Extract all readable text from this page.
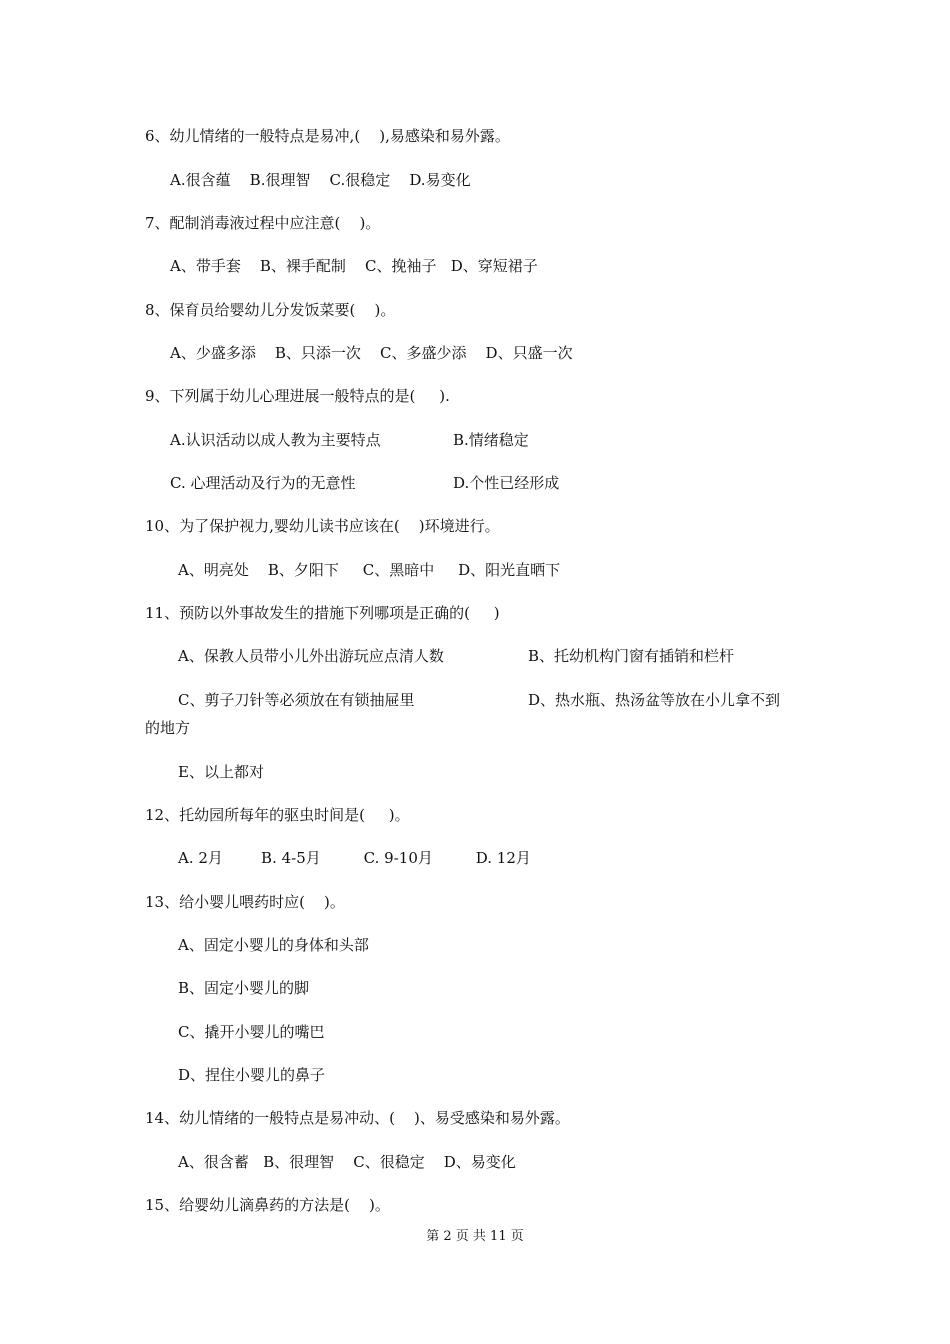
6、幼儿情绪的一般特点是易冲,(    ),易感染和易外露。
A.很含蕴    B.很理智    C.很稳定    D.易变化
7、配制消毒液过程中应注意(    )。
A、带手套    B、裸手配制    C、挽袖子   D、穿短裙子
8、保育员给婴幼儿分发饭菜要(    )。
A、少盛多添    B、只添一次    C、多盛少添    D、只盛一次
9、下列属于幼儿心理进展一般特点的是(     ).
A.认识活动以成人教为主要特点	B.情绪稳定
C. 心理活动及行为的无意性	D.个性已经形成
10、为了保护视力,婴幼儿读书应该在(    )环境进行。
A、明亮处    B、夕阳下     C、黑暗中     D、阳光直晒下
11、预防以外事故发生的措施下列哪项是正确的(     )
A、保教人员带小儿外出游玩应点清人数	B、托幼机构门窗有插销和栏杆
C、剪子刀针等必须放在有锁抽屉里	D、热水瓶、热汤盆等放在小儿拿不到
的地方
E、以上都对
12、托幼园所每年的驱虫时间是(     )。
A. 2月        B. 4-5月         C. 9-10月         D. 12月
13、给小婴儿喂药时应(    )。
A、固定小婴儿的身体和头部
B、固定小婴儿的脚
C、撬开小婴儿的嘴巴
D、捏住小婴儿的鼻子
14、幼儿情绪的一般特点是易冲动、(    )、易受感染和易外露。
A、很含蓄   B、很理智    C、很稳定    D、易变化
15、给婴幼儿滴鼻药的方法是(    )。
第 2 页 共 11 页
